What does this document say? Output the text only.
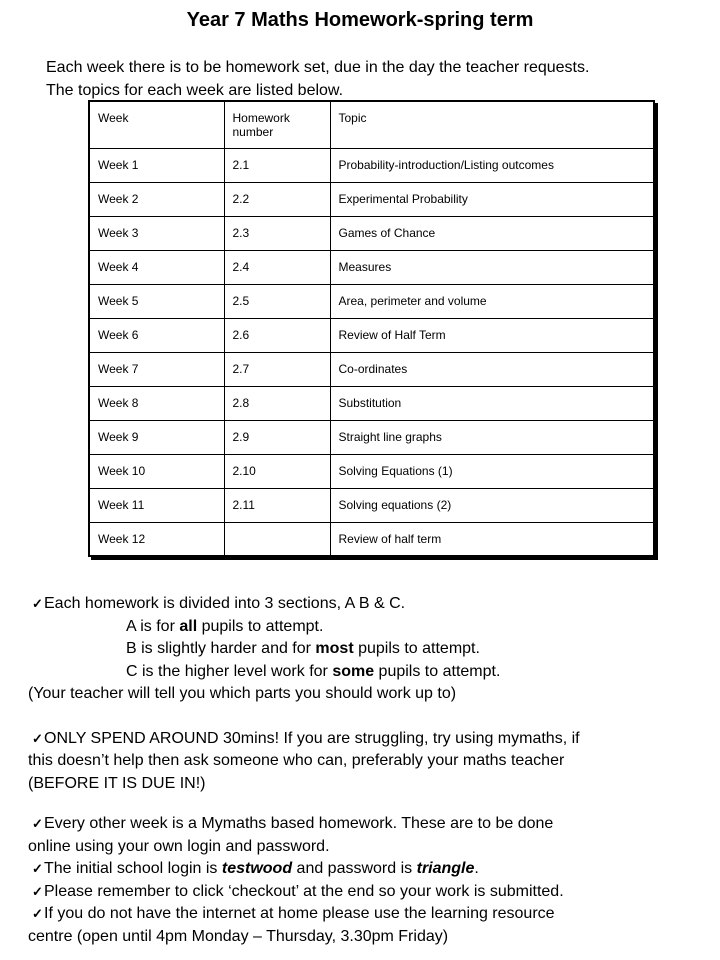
Year 7 Maths Homework-spring term
Each week there is to be homework set, due in the day the teacher requests.
The topics for each week are listed below.
Week	Homework number	Topic
Week 1	2.1	Probability-introduction/Listing outcomes
Week 2	2.2	Experimental Probability
Week 3	2.3	Games of Chance
Week 4	2.4	Measures
Week 5	2.5	Area, perimeter and volume
Week 6	2.6	Review of Half Term
Week 7	2.7	Co-ordinates
Week 8	2.8	Substitution
Week 9	2.9	Straight line graphs
Week 10	2.10	Solving Equations (1)
Week 11	2.11	Solving equations (2)
Week 12		Review of half term
✓Each homework is divided into 3 sections, A B & C.
A is for all pupils to attempt.
B is slightly harder and for most pupils to attempt.
C is the higher level work for some pupils to attempt.
(Your teacher will tell you which parts you should work up to)
✓ONLY SPEND AROUND 30mins! If you are struggling, try using mymaths, if
this doesn’t help then ask someone who can, preferably your maths teacher
(BEFORE IT IS DUE IN!)
✓Every other week is a Mymaths based homework. These are to be done
online using your own login and password.
✓The initial school login is testwood and password is triangle.
✓Please remember to click ‘checkout’ at the end so your work is submitted.
✓If you do not have the internet at home please use the learning resource
centre (open until 4pm Monday – Thursday, 3.30pm Friday)
